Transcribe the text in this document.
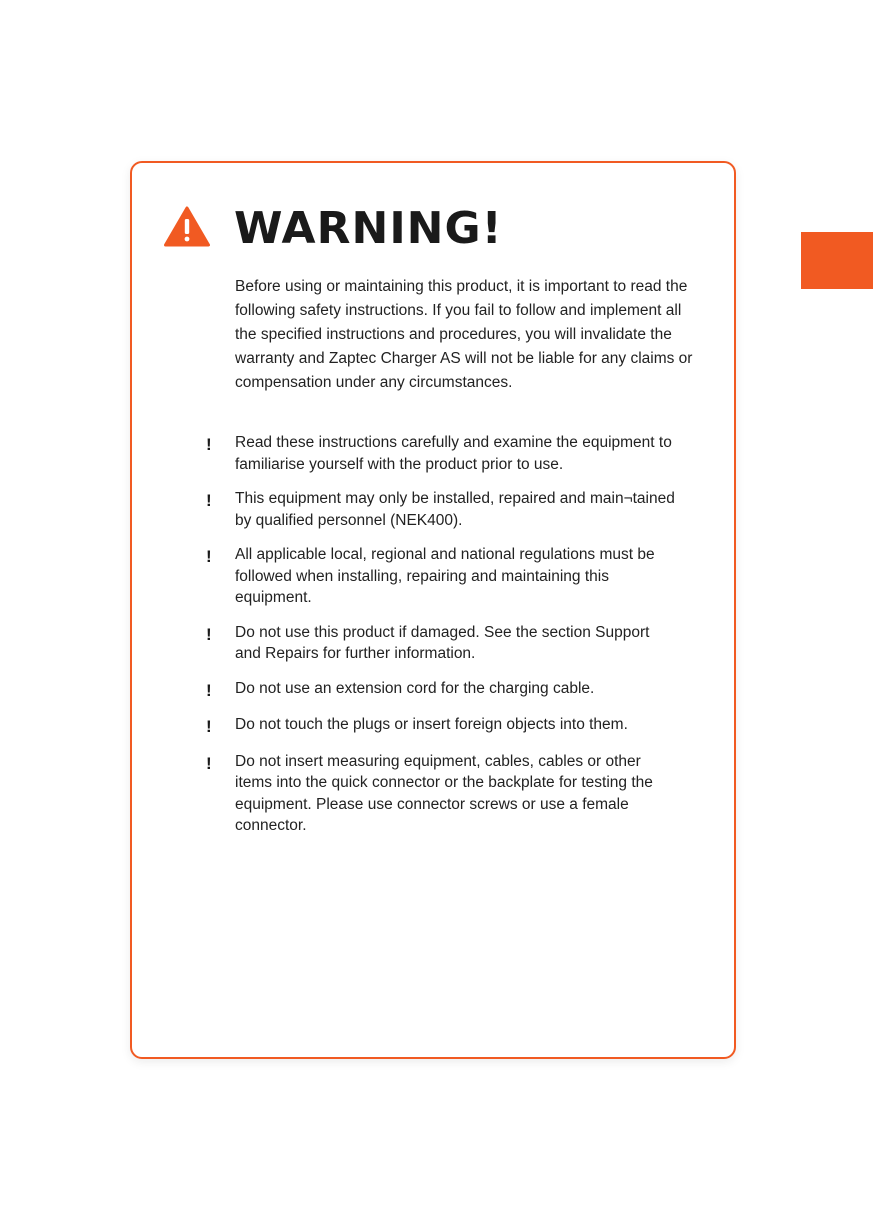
WARNING!

Before using or maintaining this product, it is important to read the following safety instructions. If you fail to follow and implement all the specified instructions and procedures, you will invalidate the warranty and Zaptec Charger AS will not be liable for any claims or compensation under any circumstances.

!	Read these instructions carefully and examine the equipment to familiarise yourself with the product prior to use.
!	This equipment may only be installed, repaired and main¬tained by qualified personnel (NEK400).
!	All applicable local, regional and national regulations must be followed when installing, repairing and maintaining this equipment.
!	Do not use this product if damaged. See the section Support and Repairs for further information.
!	Do not use an extension cord for the charging cable.
!	Do not touch the plugs or insert foreign objects into them.
!	Do not insert measuring equipment, cables, cables or other items into the quick connector or the backplate for testing the equipment. Please use connector screws or use a female connector.
